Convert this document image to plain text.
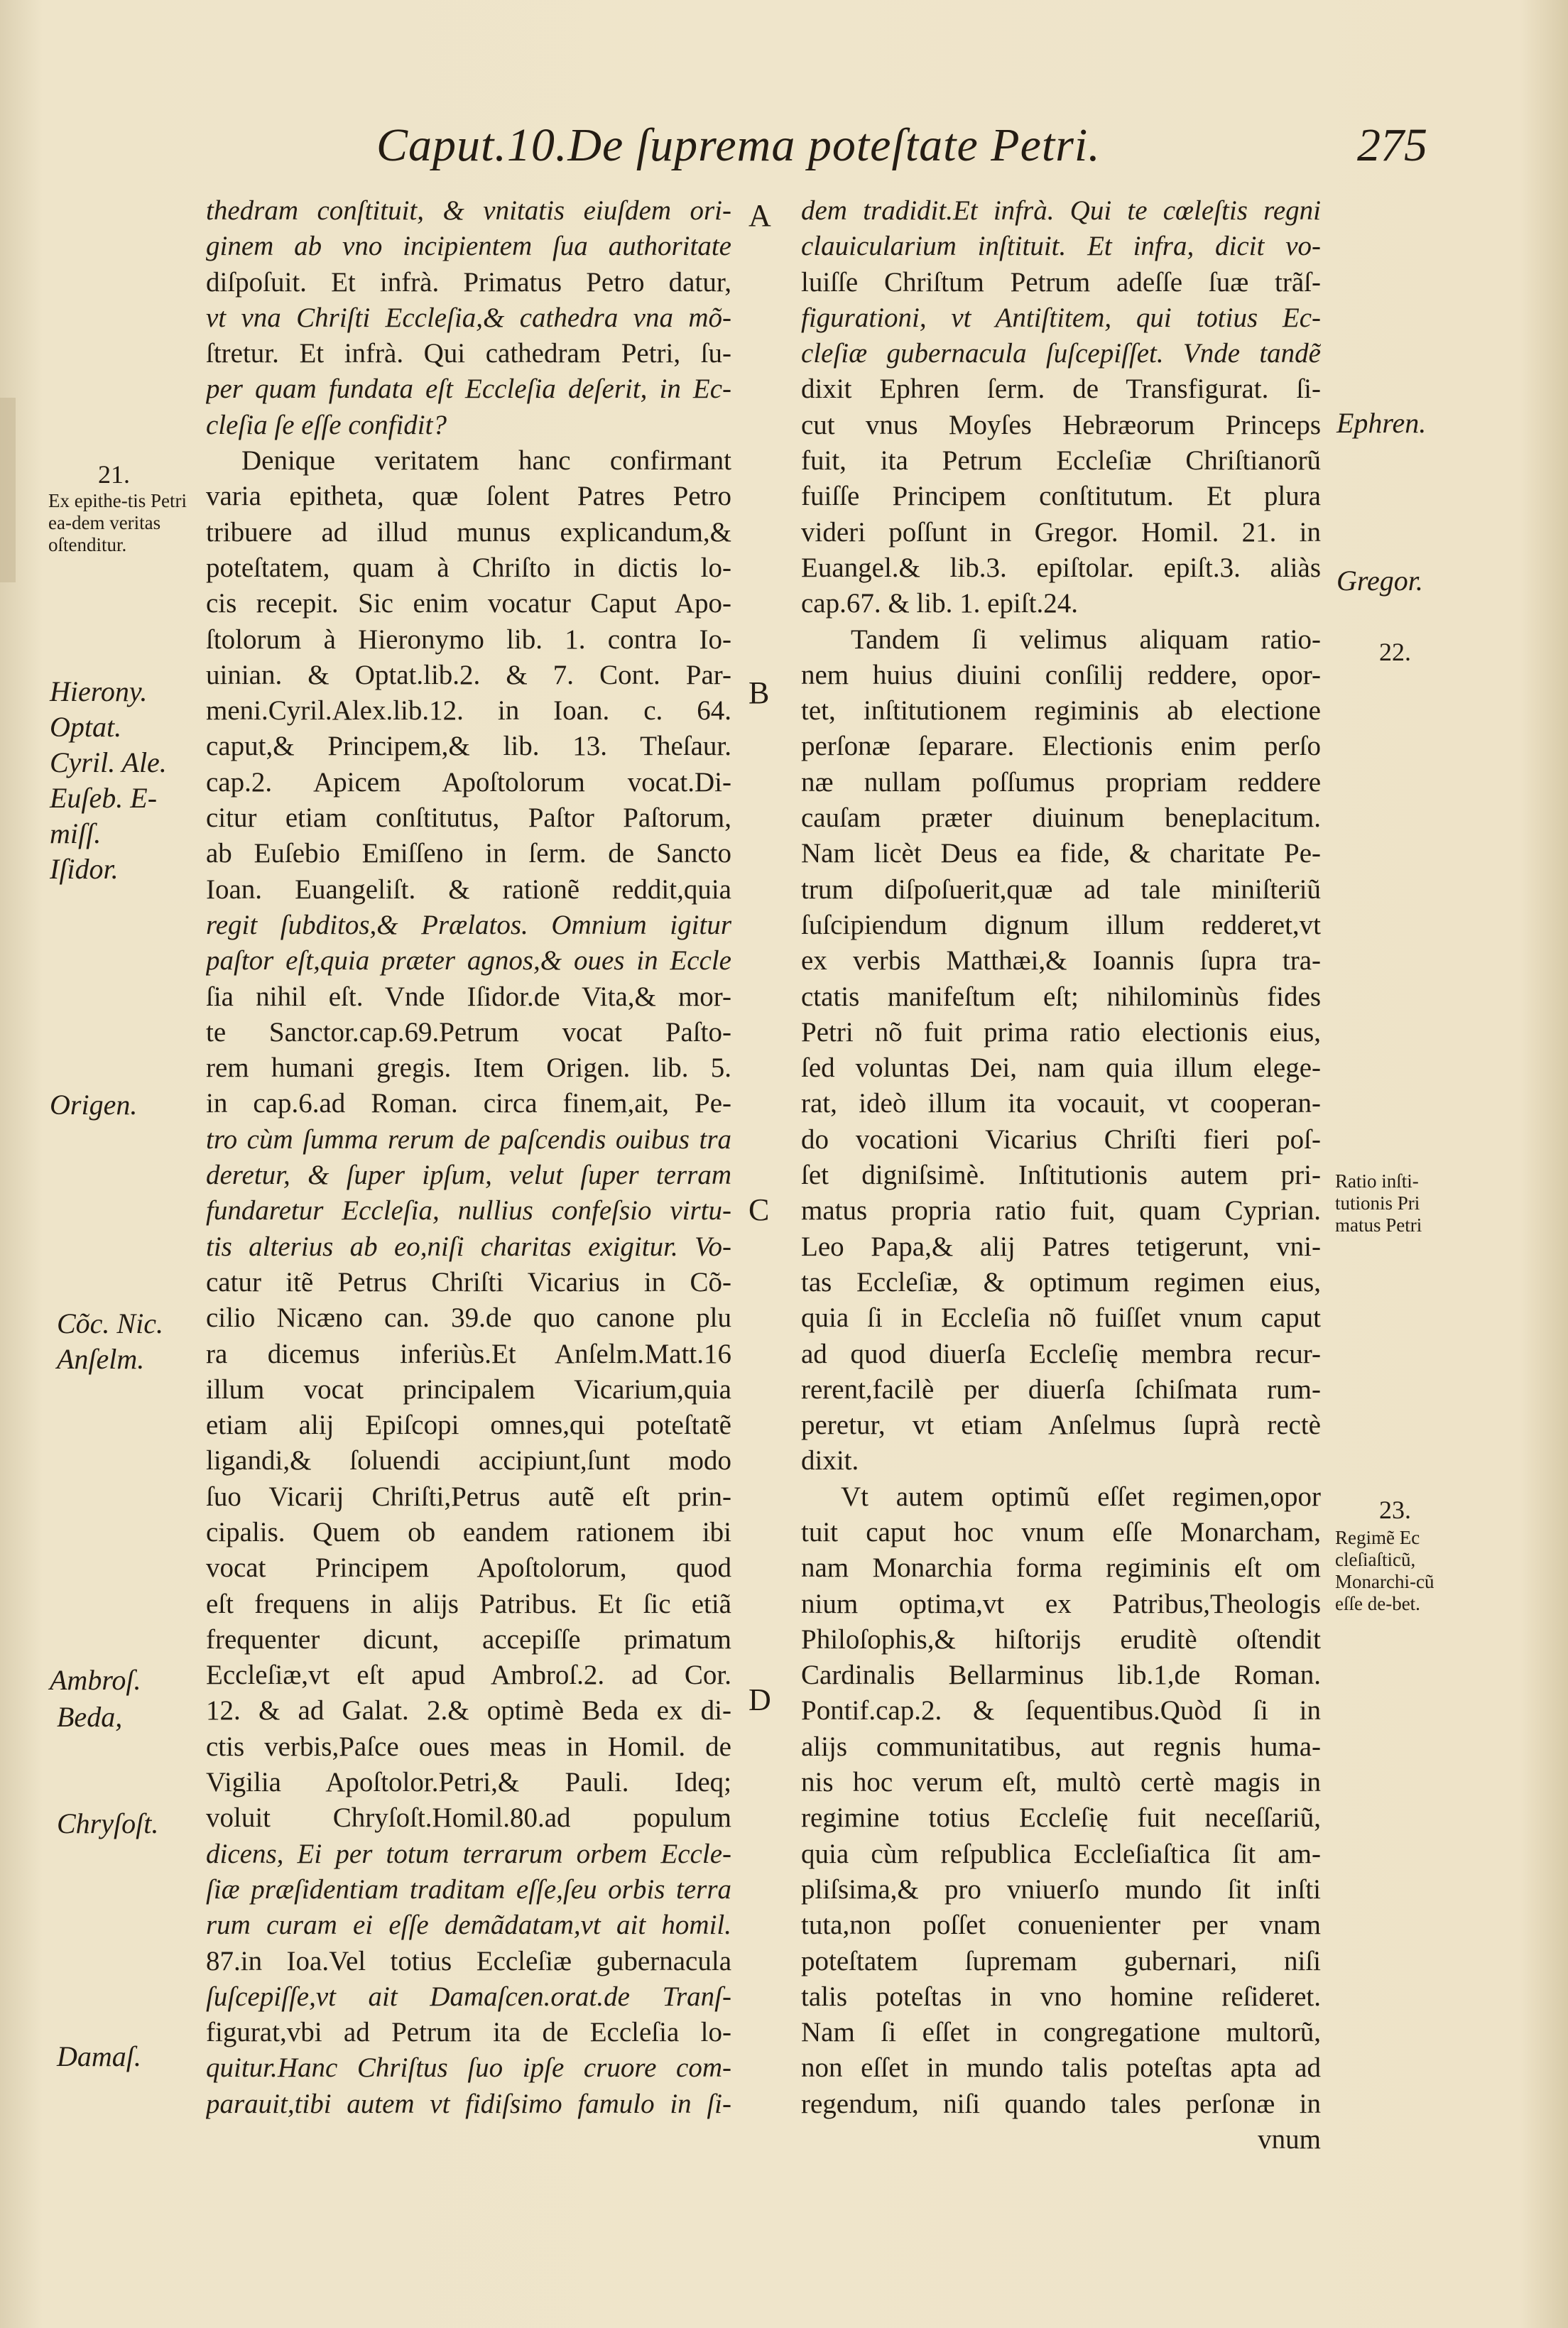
Caput.10.De ſuprema poteſtate Petri.	275
A
B
C
D
21.
Ex epithe-tis Petri ea-dem veritas oſtenditur.
Hierony.
Optat.
Cyril. Ale.
Euſeb. E-
miſſ.
Iſidor.
Origen.
Cõc. Nic.
Anſelm.
Ambroſ.
Beda,
Chryſoſt.
Damaſ.
Ephren.
Gregor.
22.
Ratio inſti-tutionis Pri matus Petri
23.
Regimẽ Ec cleſiaſticũ, Monarchi-cũ eſſe de-bet.
thedram conſtituit, & vnitatis eiuſdem ori-
ginem ab vno incipientem ſua authoritate
diſpoſuit. Et infrà. Primatus Petro datur,
vt vna Chriſti Eccleſia,& cathedra vna mõ-
ſtretur. Et infrà. Qui cathedram Petri, ſu-
per quam fundata eſt Eccleſia deſerit, in Ec-
cleſia ſe eſſe confidit?
Denique veritatem hanc confirmant
varia epitheta, quæ ſolent Patres Petro
tribuere ad illud munus explicandum,&
poteſtatem, quam à Chriſto in dictis lo-
cis recepit. Sic enim vocatur Caput Apo-
ſtolorum à Hieronymo lib. 1. contra Io-
uinian. & Optat.lib.2. & 7. Cont. Par-
meni.Cyril.Alex.lib.12. in Ioan. c. 64.
caput,& Principem,& lib. 13. Theſaur.
cap.2. Apicem Apoſtolorum vocat.Di-
citur etiam conſtitutus, Paſtor Paſtorum,
ab Euſebio Emiſſeno in ſerm. de Sancto
Ioan. Euangeliſt. & rationẽ reddit,quia
regit ſubditos,& Prælatos. Omnium igitur
paſtor eſt,quia præter agnos,& oues in Eccle
ſia nihil eſt. Vnde Iſidor.de Vita,& mor-
te Sanctor.cap.69.Petrum vocat Paſto-
rem humani gregis. Item Origen. lib. 5.
in cap.6.ad Roman. circa finem,ait, Pe-
tro cùm ſumma rerum de paſcendis ouibus tra
deretur, & ſuper ipſum, velut ſuper terram
fundaretur Eccleſia, nullius confeſsio virtu-
tis alterius ab eo,niſi charitas exigitur. Vo-
catur itẽ Petrus Chriſti Vicarius in Cõ-
cilio Nicæno can. 39.de quo canone plu
ra dicemus inferiùs.Et Anſelm.Matt.16
illum vocat principalem Vicarium,quia
etiam alij Epiſcopi omnes,qui poteſtatẽ
ligandi,& ſoluendi accipiunt,ſunt modo
ſuo Vicarij Chriſti,Petrus autẽ eſt prin-
cipalis. Quem ob eandem rationem ibi
vocat Principem Apoſtolorum, quod
eſt frequens in alijs Patribus. Et ſic etiã
frequenter dicunt, accepiſſe primatum
Eccleſiæ,vt eſt apud Ambroſ.2. ad Cor.
12. & ad Galat. 2.& optimè Beda ex di-
ctis verbis,Paſce oues meas in Homil. de
Vigilia Apoſtolor.Petri,& Pauli. Ideq;
voluit Chryſoſt.Homil.80.ad populum
dicens, Ei per totum terrarum orbem Eccle-
ſiæ præſidentiam traditam eſſe,ſeu orbis terra
rum curam ei eſſe demãdatam,vt ait homil.
87.in Ioa.Vel totius Eccleſiæ gubernacula
ſuſcepiſſe,vt ait Damaſcen.orat.de Tranſ-
figurat,vbi ad Petrum ita de Eccleſia lo-
quitur.Hanc Chriſtus ſuo ipſe cruore com-
parauit,tibi autem vt fidiſsimo famulo in ſi-
dem tradidit.Et infrà. Qui te cœleſtis regni
clauicularium inſtituit. Et infra, dicit vo-
luiſſe Chriſtum Petrum adeſſe ſuæ trãſ-
figurationi, vt Antiſtitem, qui totius Ec-
cleſiæ gubernacula ſuſcepiſſet. Vnde tandẽ
dixit Ephren ſerm. de Transfigurat. ſi-
cut vnus Moyſes Hebræorum Princeps
fuit, ita Petrum Eccleſiæ Chriſtianorũ
fuiſſe Principem conſtitutum. Et plura
videri poſſunt in Gregor. Homil. 21. in
Euangel.& lib.3. epiſtolar. epiſt.3. aliàs
cap.67. & lib. 1. epiſt.24.
Tandem ſi velimus aliquam ratio-
nem huius diuini conſilij reddere, opor-
tet, inſtitutionem regiminis ab electione
perſonæ ſeparare. Electionis enim perſo
næ nullam poſſumus propriam reddere
cauſam præter diuinum beneplacitum.
Nam licèt Deus ea fide, & charitate Pe-
trum diſpoſuerit,quæ ad tale miniſteriũ
ſuſcipiendum dignum illum redderet,vt
ex verbis Matthæi,& Ioannis ſupra tra-
ctatis manifeſtum eſt; nihilominùs fides
Petri nõ fuit prima ratio electionis eius,
ſed voluntas Dei, nam quia illum elege-
rat, ideò illum ita vocauit, vt cooperan-
do vocationi Vicarius Chriſti fieri poſ-
ſet digniſsimè. Inſtitutionis autem pri-
matus propria ratio fuit, quam Cyprian.
Leo Papa,& alij Patres tetigerunt, vni-
tas Eccleſiæ, & optimum regimen eius,
quia ſi in Eccleſia nõ fuiſſet vnum caput
ad quod diuerſa Eccleſię membra recur-
rerent,facilè per diuerſa ſchiſmata rum-
peretur, vt etiam Anſelmus ſuprà rectè
dixit.
Vt autem optimũ eſſet regimen,opor
tuit caput hoc vnum eſſe Monarcham,
nam Monarchia forma regiminis eſt om
nium optima,vt ex Patribus,Theologis
Philoſophis,& hiſtorijs eruditè oſtendit
Cardinalis Bellarminus lib.1,de Roman.
Pontif.cap.2. & ſequentibus.Quòd ſi in
alijs communitatibus, aut regnis huma-
nis hoc verum eſt, multò certè magis in
regimine totius Eccleſię fuit neceſſariũ,
quia cùm reſpublica Eccleſiaſtica ſit am-
pliſsima,& pro vniuerſo mundo ſit inſti
tuta,non poſſet conuenienter per vnam
poteſtatem ſupremam gubernari, niſi
talis poteſtas in vno homine reſideret.
Nam ſi eſſet in congregatione multorũ,
non eſſet in mundo talis poteſtas apta ad
regendum, niſi quando tales perſonæ in
vnum
